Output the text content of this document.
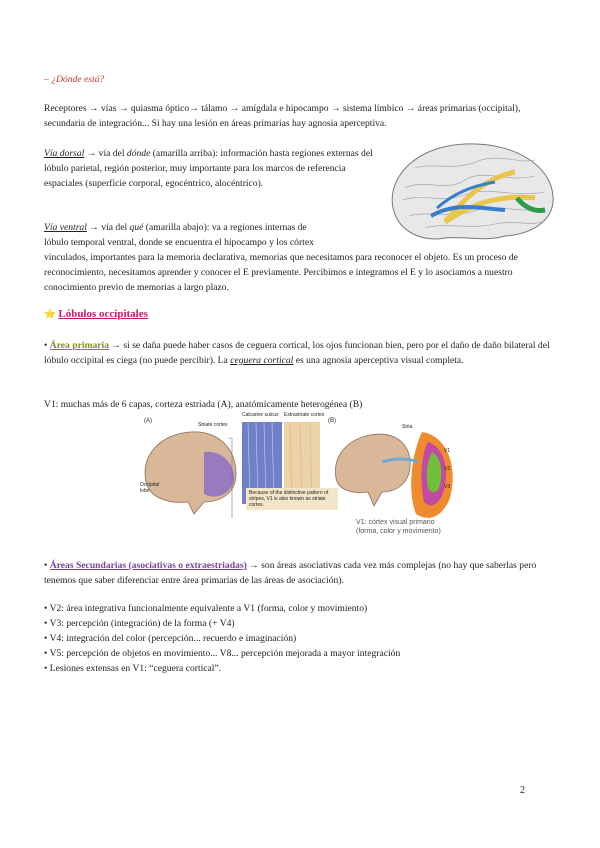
– ¿Dónde está?

Receptores → vías → quiasma óptico→ tálamo → amígdala e hipocampo → sistema límbico → áreas primarias (occipital), secundaria de integración... Si hay una lesión en áreas primarias hay agnosia aperceptiva.

Vía dorsal → vía del dónde (amarilla arriba): información hasta regiones externas del lóbulo parietal, región posterior, muy importante para los marcos de referencia espaciales (superficie corporal, egocéntrico, alocéntrico).

Vía ventral → vía del qué (amarilla abajo): va a regiones internas de
lóbulo temporal ventral, donde se encuentra el hipocampo y los córtex

vinculados, importantes para la memoria declarativa, memorias que necesitamos para reconocer el objeto. Es un proceso de reconocimiento, necesitamos aprender y conocer el E previamente. Percibimos e integramos el E y lo asociamos a nuestro conocimiento previo de memorias a largo plazo.

⭐ Lóbulos occipitales

• Área primaria → si se daña puede haber casos de ceguera cortical, los ojos funcionan bien, pero por el daño de daño bilateral del lóbulo occipital es ciega (no puede percibir). La ceguera cortical es una agnosia aperceptiva visual completa.

V1: muchas más de 6 capas, corteza estriada (A), anatómicamente heterogénea (B)

(A)	(B)
Calcarine sulcus
Striate cortex
Extrastriate cortex
Occipital lobe	Because of the distinctive pattern of stripes, V1 is also known as striate cortex.
Stria
V1
V2
V3
V1: córtex visual primario
(forma, color y movimiento)

• Áreas Secundarias (asociativas o extraestriadas) → son áreas asociativas cada vez más complejas (no hay que saberlas pero tenemos que saber diferenciar entre área primarias de las áreas de asociación).

• V2: área integrativa funcionalmente equivalente a V1 (forma, color y movimiento)
• V3: percepción (integración) de la forma (+ V4)
• V4: integración del color (percepción... recuerdo e imaginación)
• V5: percepción de objetos en movimiento... V8... percepción mejorada a mayor integración
• Lesiones extensas en V1: “ceguera cortical”.
2
